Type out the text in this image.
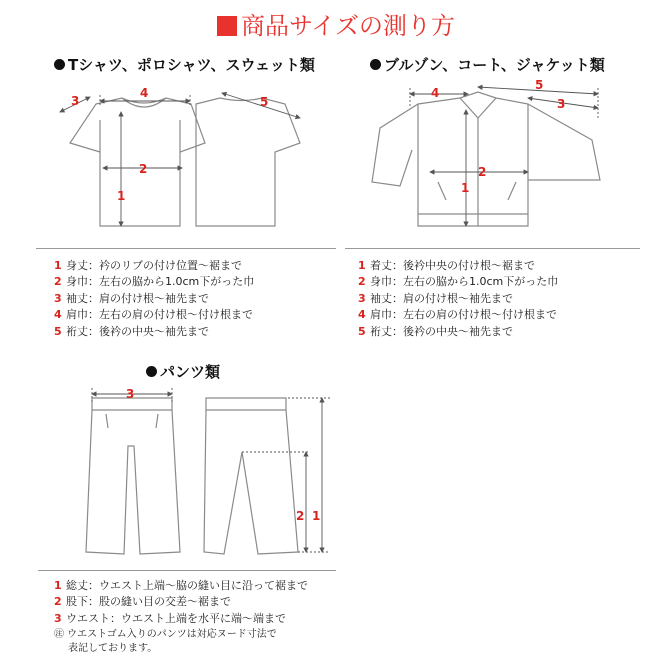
商品サイズの測り方
Tシャツ、ポロシャツ、スウェット類	ブルゾン、コート、ジャケット類
パンツ類
3
4
5
2
1
4
5
3
2
1
3
2 1
1 身丈：衿のリブの付け位置～裾まで
2 身巾：左右の脇から1.0cm下がった巾
3 袖丈：肩の付け根～袖先まで
4 肩巾：左右の肩の付け根～付け根まで
5 裄丈：後衿の中央～袖先まで
1 着丈：後衿中央の付け根～裾まで
2 身巾：左右の脇から1.0cm下がった巾
3 袖丈：肩の付け根～袖先まで
4 肩巾：左右の肩の付け根～付け根まで
5 裄丈：後衿の中央～袖先まで
1 総丈：ウエスト上端～脇の縫い目に沿って裾まで
2 股下：股の縫い目の交差～裾まで
3 ウエスト：ウエスト上端を水平に端～端まで
㊟ ウエストゴム入りのパンツは対応ヌード寸法で
表記しております。
